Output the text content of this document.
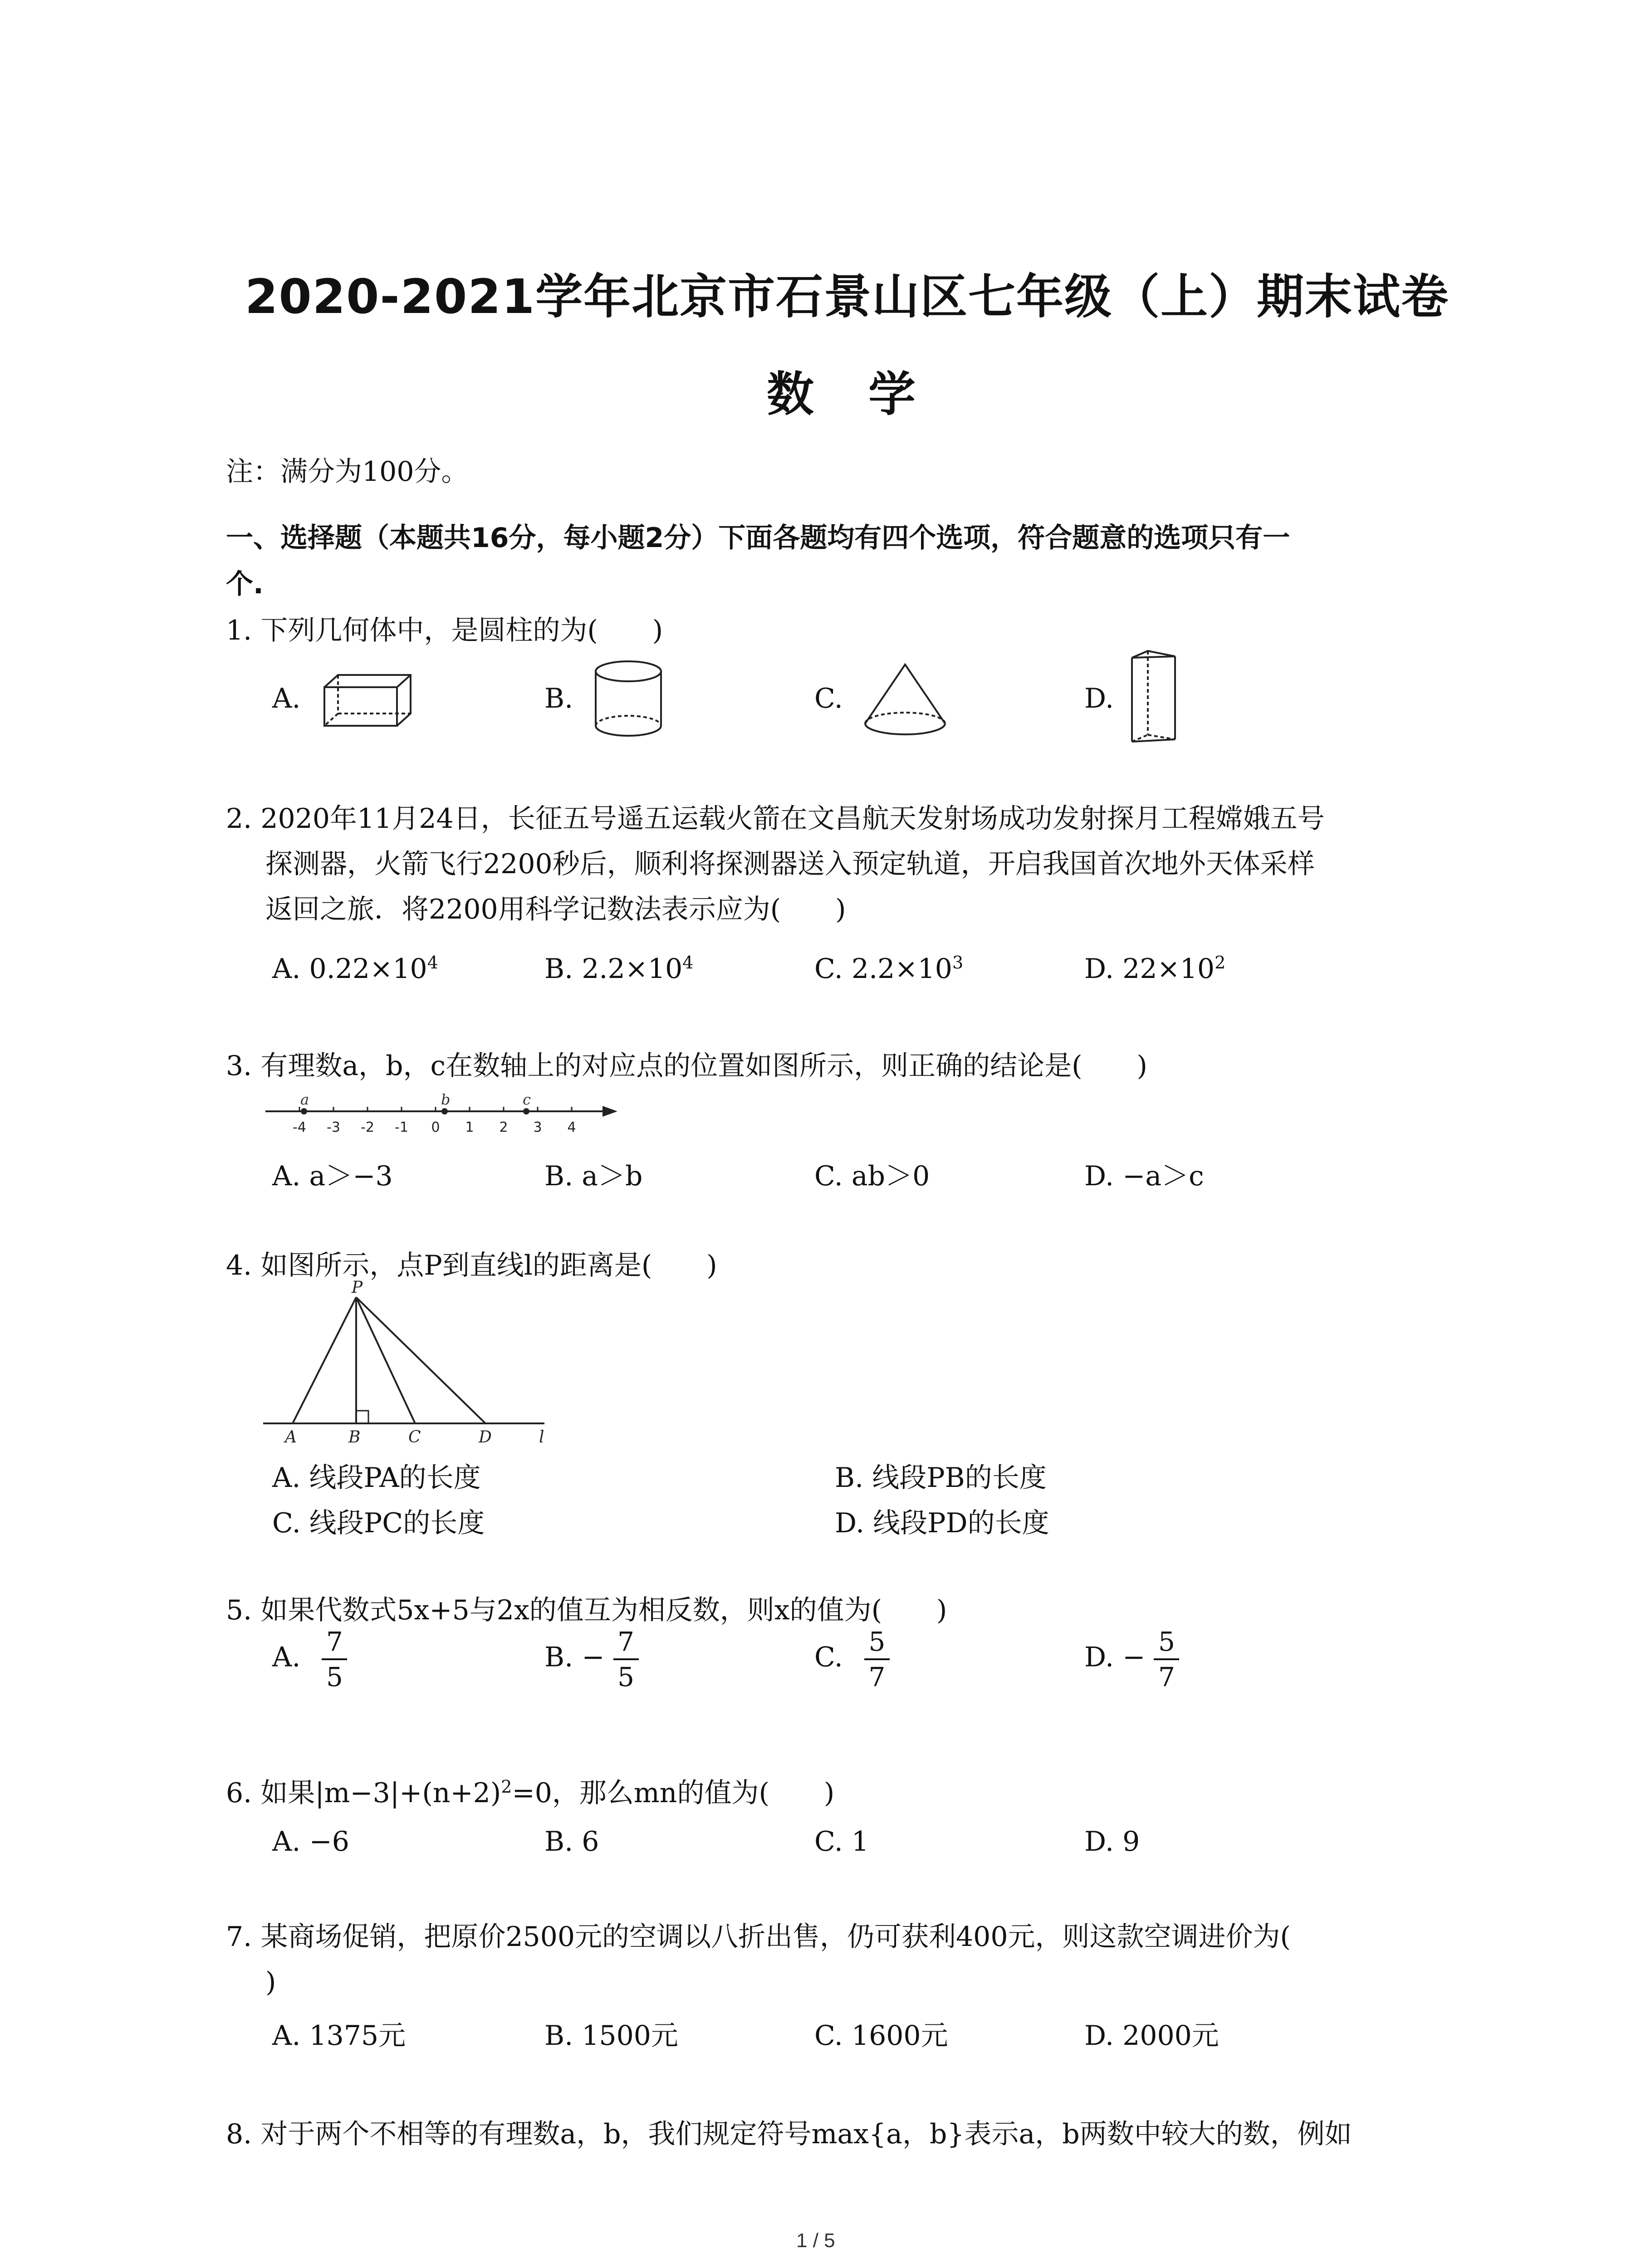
2020-2021学年北京市石景山区七年级（上）期末试卷
数学
注：满分为100分。
一、选择题（本题共16分，每小题2分）下面各题均有四个选项，符合题意的选项只有一
个.
1. 下列几何体中，是圆柱的为(　　)
A.	B.	C.	D.
2. 2020年11月24日，长征五号遥五运载火箭在文昌航天发射场成功发射探月工程嫦娥五号
探测器，火箭飞行2200秒后，顺利将探测器送入预定轨道，开启我国首次地外天体采样
返回之旅．将2200用科学记数法表示应为(　　)
A. $0.22\times 10^4$	B. $2.2\times 10^4$	C. $2.2\times 10^3$	D. $22\times 10^2$
3. 有理数a，b，c在数轴上的对应点的位置如图所示，则正确的结论是(　　)
a	b	c
-4 -3 -2 -1 0 1 2 3 4
A. a＞−3	B. a＞b	C. ab＞0	D. −a＞c
4. 如图所示，点P到直线l的距离是(　　)
P
A	B	C	D	l
A. 线段PA的长度	B. 线段PB的长度
C. 线段PC的长度	D. 线段PD的长度
5. 如果代数式5x+5与2x的值互为相反数，则x的值为(　　)
A. $\frac{7}{5}$	B. − $\frac{7}{5}$	C. $\frac{5}{7}$	D. − $\frac{5}{7}$
6. 如果$|m-3|+(n+2)^2=0$，那么mn的值为(　　)
A. −6	B. 6	C. 1	D. 9
7. 某商场促销，把原价2500元的空调以八折出售，仍可获利400元，则这款空调进价为(
)
A. 1375元	B. 1500元	C. 1600元	D. 2000元
8. 对于两个不相等的有理数a，b，我们规定符号max{a，b}表示a，b两数中较大的数，例如
1 / 5
